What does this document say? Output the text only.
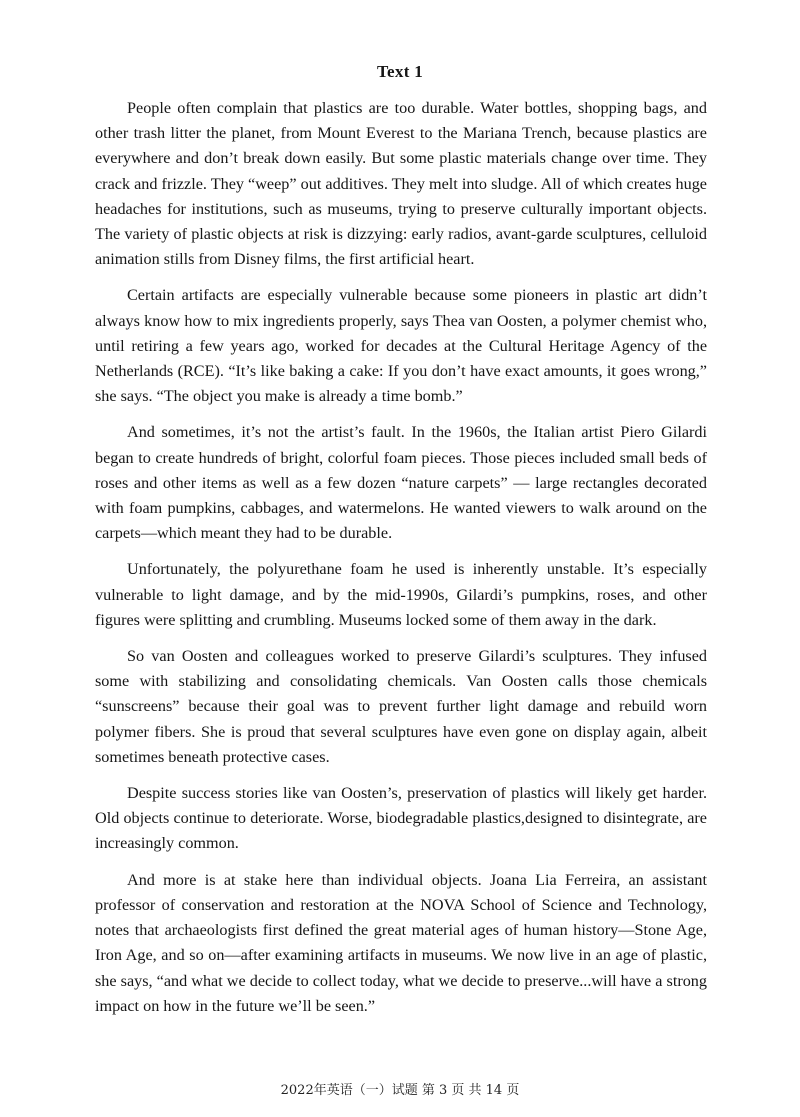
Text 1

People often complain that plastics are too durable. Water bottles, shopping bags, and other trash litter the planet, from Mount Everest to the Mariana Trench, because plastics are everywhere and don’t break down easily. But some plastic materials change over time. They crack and frizzle. They “weep” out additives. They melt into sludge. All of which creates huge headaches for institutions, such as museums, trying to preserve culturally important objects. The variety of plastic objects at risk is dizzying: early radios, avant-garde sculptures, celluloid animation stills from Disney films, the first artificial heart.

Certain artifacts are especially vulnerable because some pioneers in plastic art didn’t always know how to mix ingredients properly, says Thea van Oosten, a polymer chemist who, until retiring a few years ago, worked for decades at the Cultural Heritage Agency of the Netherlands (RCE). “It’s like baking a cake: If you don’t have exact amounts, it goes wrong,” she says. “The object you make is already a time bomb.”

And sometimes, it’s not the artist’s fault. In the 1960s, the Italian artist Piero Gilardi began to create hundreds of bright, colorful foam pieces. Those pieces included small beds of roses and other items as well as a few dozen “nature carpets” — large rectangles decorated with foam pumpkins, cabbages, and watermelons. He wanted viewers to walk around on the carpets—which meant they had to be durable.

Unfortunately, the polyurethane foam he used is inherently unstable. It’s especially vulnerable to light damage, and by the mid-1990s, Gilardi’s pumpkins, roses, and other figures were splitting and crumbling. Museums locked some of them away in the dark.

So van Oosten and colleagues worked to preserve Gilardi’s sculptures. They infused some with stabilizing and consolidating chemicals. Van Oosten calls those chemicals “sunscreens” because their goal was to prevent further light damage and rebuild worn polymer fibers. She is proud that several sculptures have even gone on display again, albeit sometimes beneath protective cases.

Despite success stories like van Oosten’s, preservation of plastics will likely get harder. Old objects continue to deteriorate. Worse, biodegradable plastics,designed to disintegrate, are increasingly common.

And more is at stake here than individual objects. Joana Lia Ferreira, an assistant professor of conservation and restoration at the NOVA School of Science and Technology, notes that archaeologists first defined the great material ages of human history—Stone Age, Iron Age, and so on—after examining artifacts in museums. We now live in an age of plastic, she says, “and what we decide to collect today, what we decide to preserve...will have a strong impact on how in the future we’ll be seen.”

2022年英语（一）试题 第 3 页 共 14 页
